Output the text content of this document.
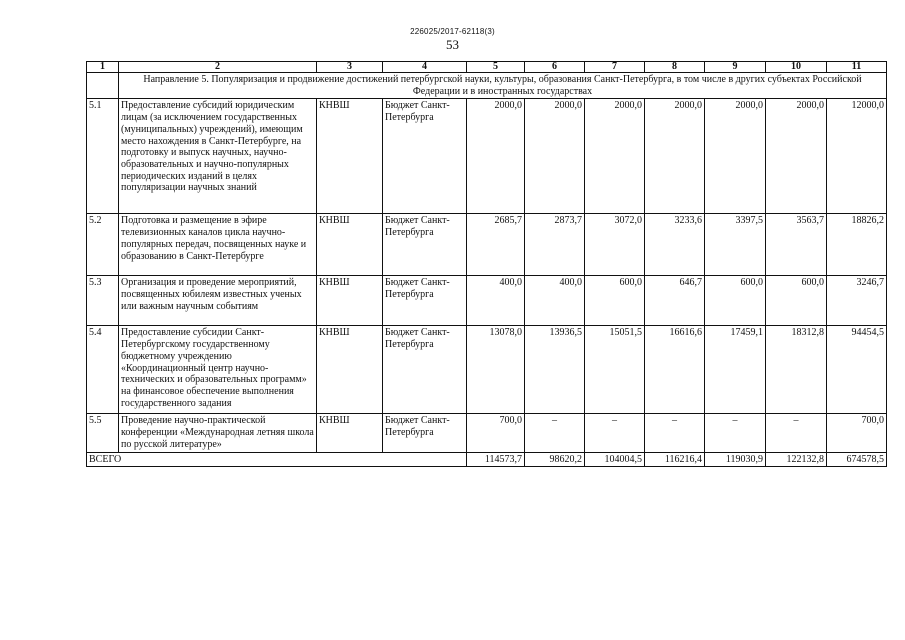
226025/2017-62118(3)
53
1	2	3	4	5	6	7	8	9	10	11
	Направление 5. Популяризация и продвижение достижений петербургской науки, культуры, образования Санкт-Петербурга, в том числе в других субъектах Российской Федерации и в иностранных государствах									
5.1	Предоставление субсидий юридическим лицам (за исключением государственных (муниципальных) учреждений), имеющим место нахождения в Санкт-Петербурге, на подготовку и выпуск научных, научно-образовательных и научно-популярных периодических изданий в целях популяризации научных знаний	КНВШ	Бюджет Санкт-Петербурга	2000,0	2000,0	2000,0	2000,0	2000,0	2000,0	12000,0
5.2	Подготовка и размещение в эфире телевизионных каналов цикла научно-популярных передач, посвященных науке и образованию в Санкт-Петербурге	КНВШ	Бюджет Санкт-Петербурга	2685,7	2873,7	3072,0	3233,6	3397,5	3563,7	18826,2
5.3	Организация и проведение мероприятий, посвященных юбилеям известных ученых или важным научным событиям	КНВШ	Бюджет Санкт-Петербурга	400,0	400,0	600,0	646,7	600,0	600,0	3246,7
5.4	Предоставление субсидии Санкт-Петербургскому государственному бюджетному учреждению «Координационный центр научно-технических и образовательных программ» на финансовое обеспечение выполнения государственного задания	КНВШ	Бюджет Санкт-Петербурга	13078,0	13936,5	15051,5	16616,6	17459,1	18312,8	94454,5
5.5	Проведение научно-практической конференции «Международная летняя школа по русской литературе»	КНВШ	Бюджет Санкт-Петербурга	700,0	–	–	–	–	–	700,0
ВСЕГО				114573,7	98620,2	104004,5	116216,4	119030,9	122132,8	674578,5
